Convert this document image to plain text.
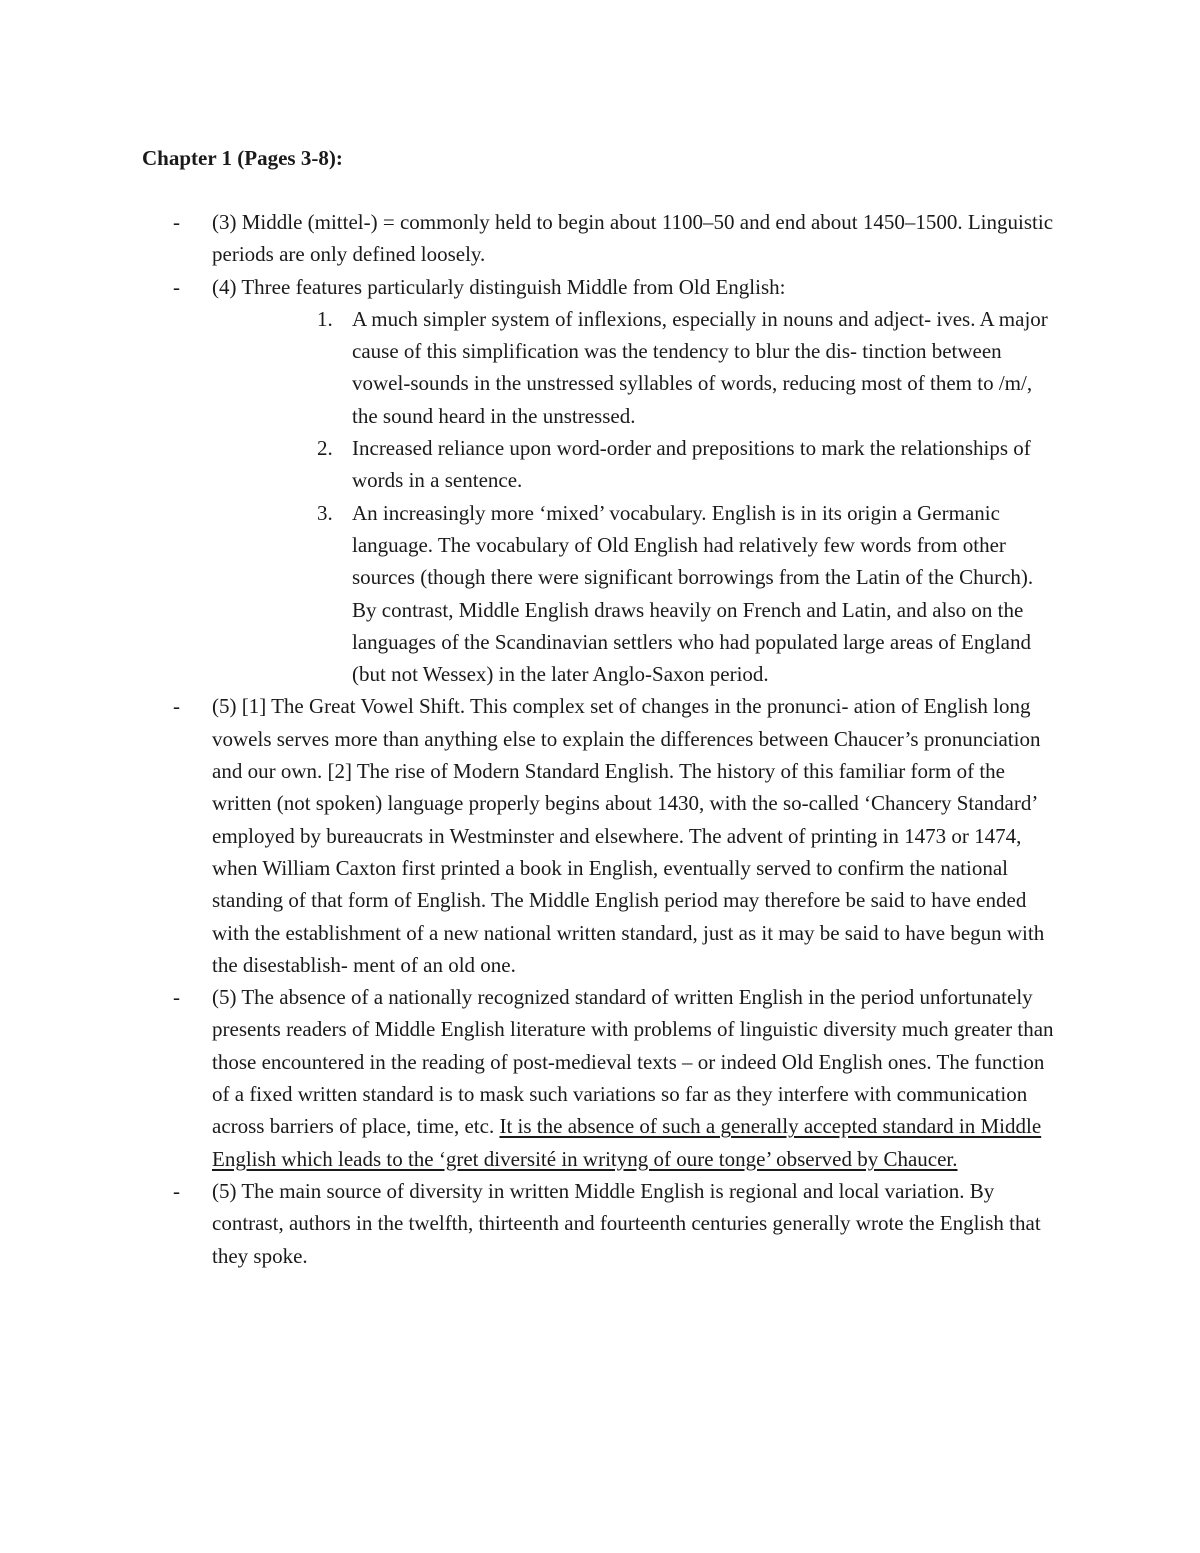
Chapter 1 (Pages 3-8):

- (3) Middle (mittel-) = commonly held to begin about 1100–50 and end about 1450–1500. Linguistic periods are only defined loosely.
- (4) Three features particularly distinguish Middle from Old English:
1. A much simpler system of inflexions, especially in nouns and adject- ives. A major cause of this simplification was the tendency to blur the dis- tinction between vowel-sounds in the unstressed syllables of words, reducing most of them to /m/, the sound heard in the unstressed.
2. Increased reliance upon word-order and prepositions to mark the relationships of words in a sentence.
3. An increasingly more ‘mixed’ vocabulary. English is in its origin a Germanic language. The vocabulary of Old English had relatively few words from other sources (though there were significant borrowings from the Latin of the Church). By contrast, Middle English draws heavily on French and Latin, and also on the languages of the Scandinavian settlers who had populated large areas of England (but not Wessex) in the later Anglo-Saxon period.
- (5) [1] The Great Vowel Shift. This complex set of changes in the pronunci- ation of English long vowels serves more than anything else to explain the differences between Chaucer’s pronunciation and our own. [2] The rise of Modern Standard English. The history of this familiar form of the written (not spoken) language properly begins about 1430, with the so-called ‘Chancery Standard’ employed by bureaucrats in Westminster and elsewhere. The advent of printing in 1473 or 1474, when William Caxton first printed a book in English, eventually served to confirm the national standing of that form of English. The Middle English period may therefore be said to have ended with the establishment of a new national written standard, just as it may be said to have begun with the disestablish- ment of an old one.
- (5) The absence of a nationally recognized standard of written English in the period unfortunately presents readers of Middle English literature with problems of linguistic diversity much greater than those encountered in the reading of post-medieval texts – or indeed Old English ones. The function of a fixed written standard is to mask such variations so far as they interfere with communication across barriers of place, time, etc. It is the absence of such a generally accepted standard in Middle English which leads to the ‘gret diversité in writyng of oure tonge’ observed by Chaucer.
- (5) The main source of diversity in written Middle English is regional and local variation. By contrast, authors in the twelfth, thirteenth and fourteenth centuries generally wrote the English that they spoke.
